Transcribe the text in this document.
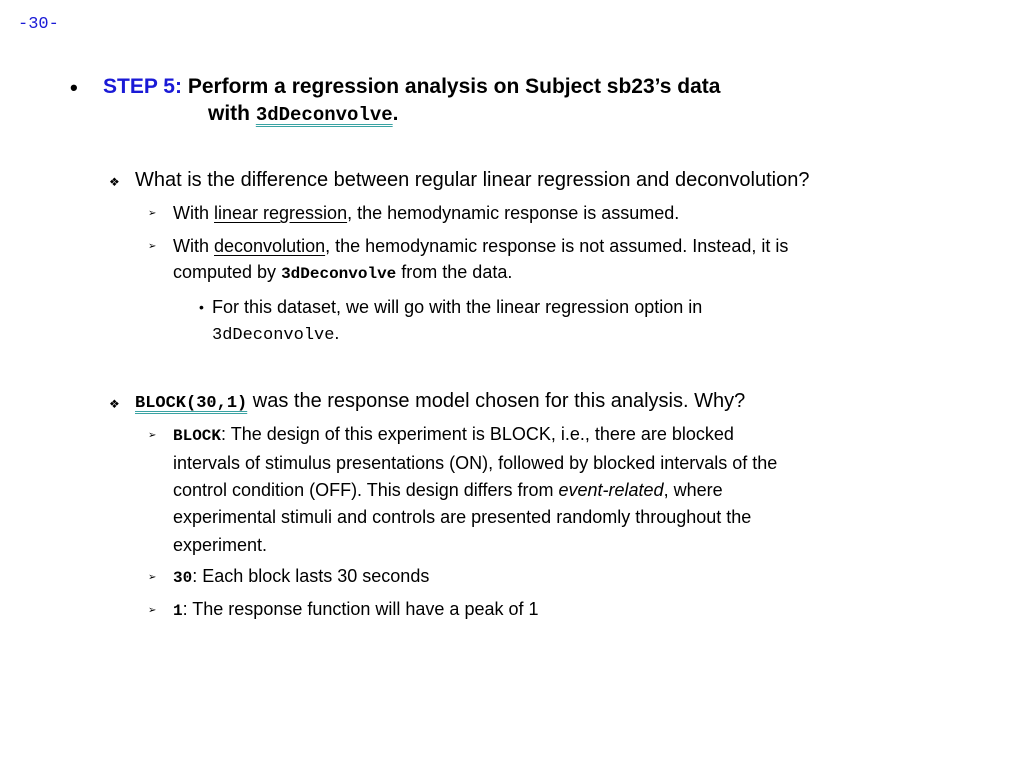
-30-
• STEP 5: Perform a regression analysis on Subject sb23’s data
with 3dDeconvolve.
❖ What is the difference between regular linear regression and deconvolution?
➢ With linear regression, the hemodynamic response is assumed.
➢ With deconvolution, the hemodynamic response is not assumed. Instead, it is
computed by 3dDeconvolve from the data.
• For this dataset, we will go with the linear regression option in
3dDeconvolve.
❖ BLOCK(30,1) was the response model chosen for this analysis. Why?
➢ BLOCK: The design of this experiment is BLOCK, i.e., there are blocked
intervals of stimulus presentations (ON), followed by blocked intervals of the
control condition (OFF). This design differs from event-related, where
experimental stimuli and controls are presented randomly throughout the
experiment.
➢ 30: Each block lasts 30 seconds
➢ 1: The response function will have a peak of 1
